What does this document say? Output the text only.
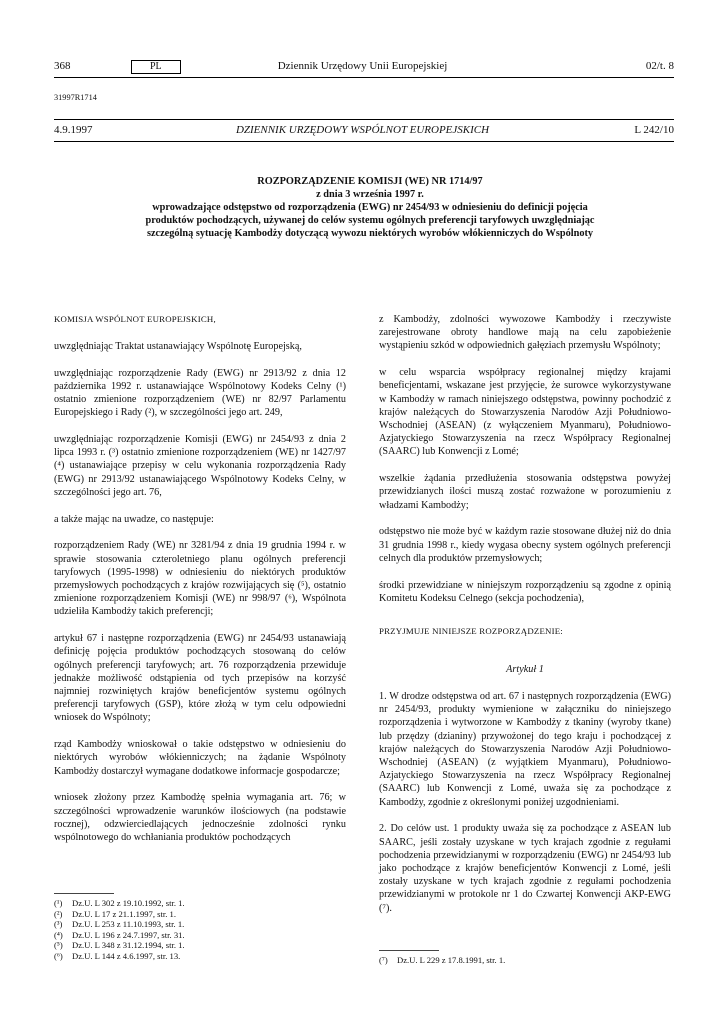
368	PL	Dziennik Urzędowy Unii Europejskiej	02/t. 8
31997R1714
4.9.1997	DZIENNIK URZĘDOWY WSPÓLNOT EUROPEJSKICH	L 242/10
ROZPORZĄDZENIE KOMISJI (WE) NR 1714/97
z dnia 3 września 1997 r.
wprowadzające odstępstwo od rozporządzenia (EWG) nr 2454/93 w odniesieniu do definicji pojęcia
produktów pochodzących, używanej do celów systemu ogólnych preferencji taryfowych uwzględniając
szczególną sytuację Kambodży dotyczącą wywozu niektórych wyrobów włókienniczych do Wspólnoty

KOMISJA WSPÓLNOT EUROPEJSKICH,

uwzględniając Traktat ustanawiający Wspólnotę Europejską,

uwzględniając rozporządzenie Rady (EWG) nr 2913/92 z dnia 12 października 1992 r. ustanawiające Wspólnotowy Kodeks Celny (¹) ostatnio zmienione rozporządzeniem (WE) nr 82/97 Parlamentu Europejskiego i Rady (²), w szczególności jego art. 249,

uwzględniając rozporządzenie Komisji (EWG) nr 2454/93 z dnia 2 lipca 1993 r. (³) ostatnio zmienione rozporządzeniem (WE) nr 1427/97 (⁴) ustanawiające przepisy w celu wykonania rozporządzenia Rady (EWG) nr 2913/92 ustanawiającego Wspólnotowy Kodeks Celny, w szczególności jego art. 76,

a także mając na uwadze, co następuje:

rozporządzeniem Rady (WE) nr 3281/94 z dnia 19 grudnia 1994 r. w sprawie stosowania czteroletniego planu ogólnych preferencji taryfowych (1995-1998) w odniesieniu do niektórych produktów przemysłowych pochodzących z krajów rozwijających się (⁵), ostatnio zmienione rozporządzeniem Komisji (WE) nr 998/97 (⁶), Wspólnota udzieliła Kambodży takich preferencji;

artykuł 67 i następne rozporządzenia (EWG) nr 2454/93 ustanawiają definicję pojęcia produktów pochodzących stosowaną do celów ogólnych preferencji taryfowych; art. 76 rozporządzenia przewiduje jednakże możliwość odstąpienia od tych przepisów na korzyść najmniej rozwiniętych krajów beneficjentów systemu ogólnych preferencji taryfowych (GSP), które złożą w tym celu odpowiedni wniosek do Wspólnoty;

rząd Kambodży wnioskował o takie odstępstwo w odniesieniu do niektórych wyrobów włókienniczych; na żądanie Wspólnoty Kambodży dostarczył wymagane dodatkowe informacje gospodarcze;

wniosek złożony przez Kambodżę spełnia wymagania art. 76; w szczególności wprowadzenie warunków ilościowych (na podstawie rocznej), odzwierciedlających jednocześnie zdolności rynku wspólnotowego do wchłaniania produktów pochodzących

z Kambodży, zdolności wywozowe Kambodży i rzeczywiste zarejestrowane obroty handlowe mają na celu zapobieżenie wystąpieniu szkód w odpowiednich gałęziach przemysłu Wspólnoty;

w celu wsparcia współpracy regionalnej między krajami beneficjentami, wskazane jest przyjęcie, że surowce wykorzystywane w Kambodży w ramach niniejszego odstępstwa, powinny pochodzić z krajów należących do Stowarzyszenia Narodów Azji Południowo-Wschodniej (ASEAN) (z wyłączeniem Myanmaru), Południowo-Azjatyckiego Stowarzyszenia na rzecz Współpracy Regionalnej (SAARC) lub Konwencji z Lomé;

wszelkie żądania przedłużenia stosowania odstępstwa powyżej przewidzianych ilości muszą zostać rozważone w porozumieniu z władzami Kambodży;

odstępstwo nie może być w każdym razie stosowane dłużej niż do dnia 31 grudnia 1998 r., kiedy wygasa obecny system ogólnych preferencji celnych dla produktów przemysłowych;

środki przewidziane w niniejszym rozporządzeniu są zgodne z opinią Komitetu Kodeksu Celnego (sekcja pochodzenia),

PRZYJMUJE NINIEJSZE ROZPORZĄDZENIE:

Artykuł 1

1. W drodze odstępstwa od art. 67 i następnych rozporządzenia (EWG) nr 2454/93, produkty wymienione w załączniku do niniejszego rozporządzenia i wytworzone w Kambodży z tkaniny (wyroby tkane) lub przędzy (dzianiny) przywożonej do tego kraju i pochodzącej z krajów należących do Stowarzyszenia Narodów Azji Południowo-Wschodniej (ASEAN) (z wyjątkiem Myanmaru), Południowo-Azjatyckiego Stowarzyszenia na rzecz Współpracy Regionalnej (SAARC) lub Konwencji z Lomé, uważa się za pochodzące z Kambodży, zgodnie z określonymi poniżej uzgodnieniami.

2. Do celów ust. 1 produkty uważa się za pochodzące z ASEAN lub SAARC, jeśli zostały uzyskane w tych krajach zgodnie z regułami pochodzenia przewidzianymi w rozporządzeniu (EWG) nr 2454/93 lub jako pochodzące z krajów beneficjentów Konwencji z Lomé, jeśli zostały uzyskane w tych krajach zgodnie z regułami pochodzenia przewidzianymi w protokole nr 1 do Czwartej Konwencji AKP-EWG (⁷).

(¹) Dz.U. L 302 z 19.10.1992, str. 1.
(²) Dz.U. L 17 z 21.1.1997, str. 1.
(³) Dz.U. L 253 z 11.10.1993, str. 1.
(⁴) Dz.U. L 196 z 24.7.1997, str. 31.
(⁵) Dz.U. L 348 z 31.12.1994, str. 1.
(⁶) Dz.U. L 144 z 4.6.1997, str. 13.	(⁷) Dz.U. L 229 z 17.8.1991, str. 1.
